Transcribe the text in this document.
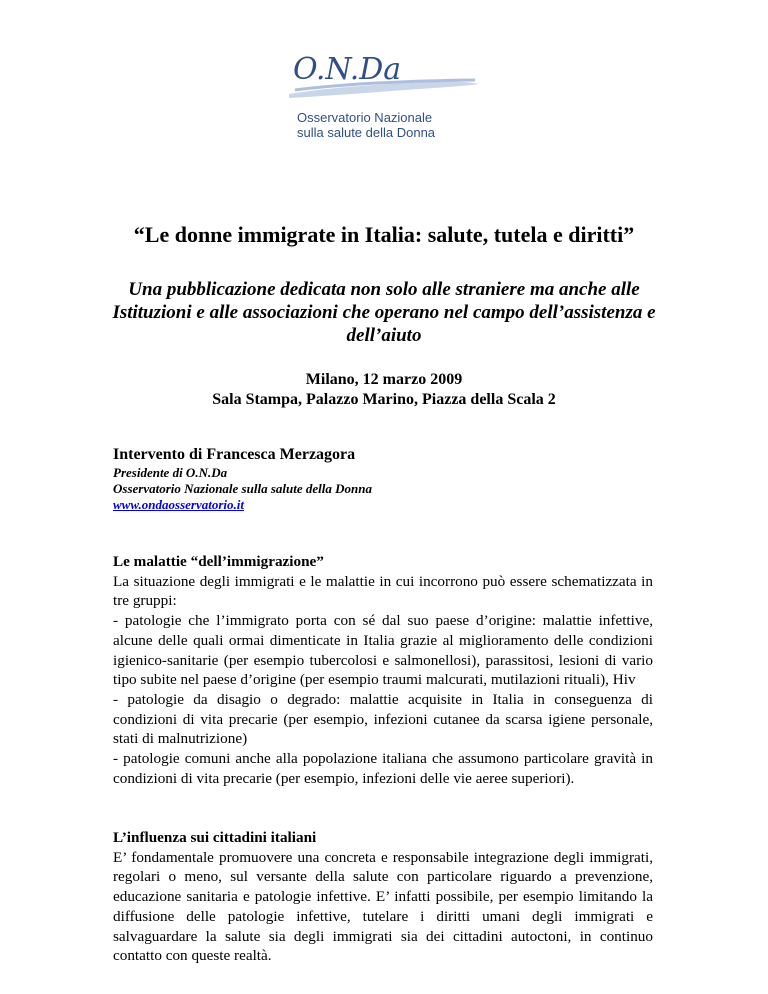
O.N.Da
Osservatorio Nazionale
sulla salute della Donna
“Le donne immigrate in Italia: salute, tutela e diritti”

Una pubblicazione dedicata non solo alle straniere ma anche alle Istituzioni e alle associazioni che operano nel campo dell’assistenza e dell’aiuto

Milano, 12 marzo 2009
Sala Stampa, Palazzo Marino, Piazza della Scala 2
Intervento di Francesca Merzagora
Presidente di O.N.Da
Osservatorio Nazionale sulla salute della Donna
www.ondaosservatorio.it
Le malattie “dell’immigrazione”

La situazione degli immigrati e le malattie in cui incorrono può essere schematizzata in tre gruppi:

- patologie che l’immigrato porta con sé dal suo paese d’origine: malattie infettive, alcune delle quali ormai dimenticate in Italia grazie al miglioramento delle condizioni igienico-sanitarie (per esempio tubercolosi e salmonellosi), parassitosi, lesioni di vario tipo subite nel paese d’origine (per esempio traumi malcurati, mutilazioni rituali), Hiv

- patologie da disagio o degrado: malattie acquisite in Italia in conseguenza di condizioni di vita precarie (per esempio, infezioni cutanee da scarsa igiene personale, stati di malnutrizione)

- patologie comuni anche alla popolazione italiana che assumono particolare gravità in condizioni di vita precarie (per esempio, infezioni delle vie aeree superiori).

L’influenza sui cittadini italiani

E’ fondamentale promuovere una concreta e responsabile integrazione degli immigrati, regolari o meno, sul versante della salute con particolare riguardo a prevenzione, educazione sanitaria e patologie infettive. E’ infatti possibile, per esempio limitando la diffusione delle patologie infettive, tutelare i diritti umani degli immigrati e salvaguardare la salute sia degli immigrati sia dei cittadini autoctoni, in continuo contatto con queste realtà.
